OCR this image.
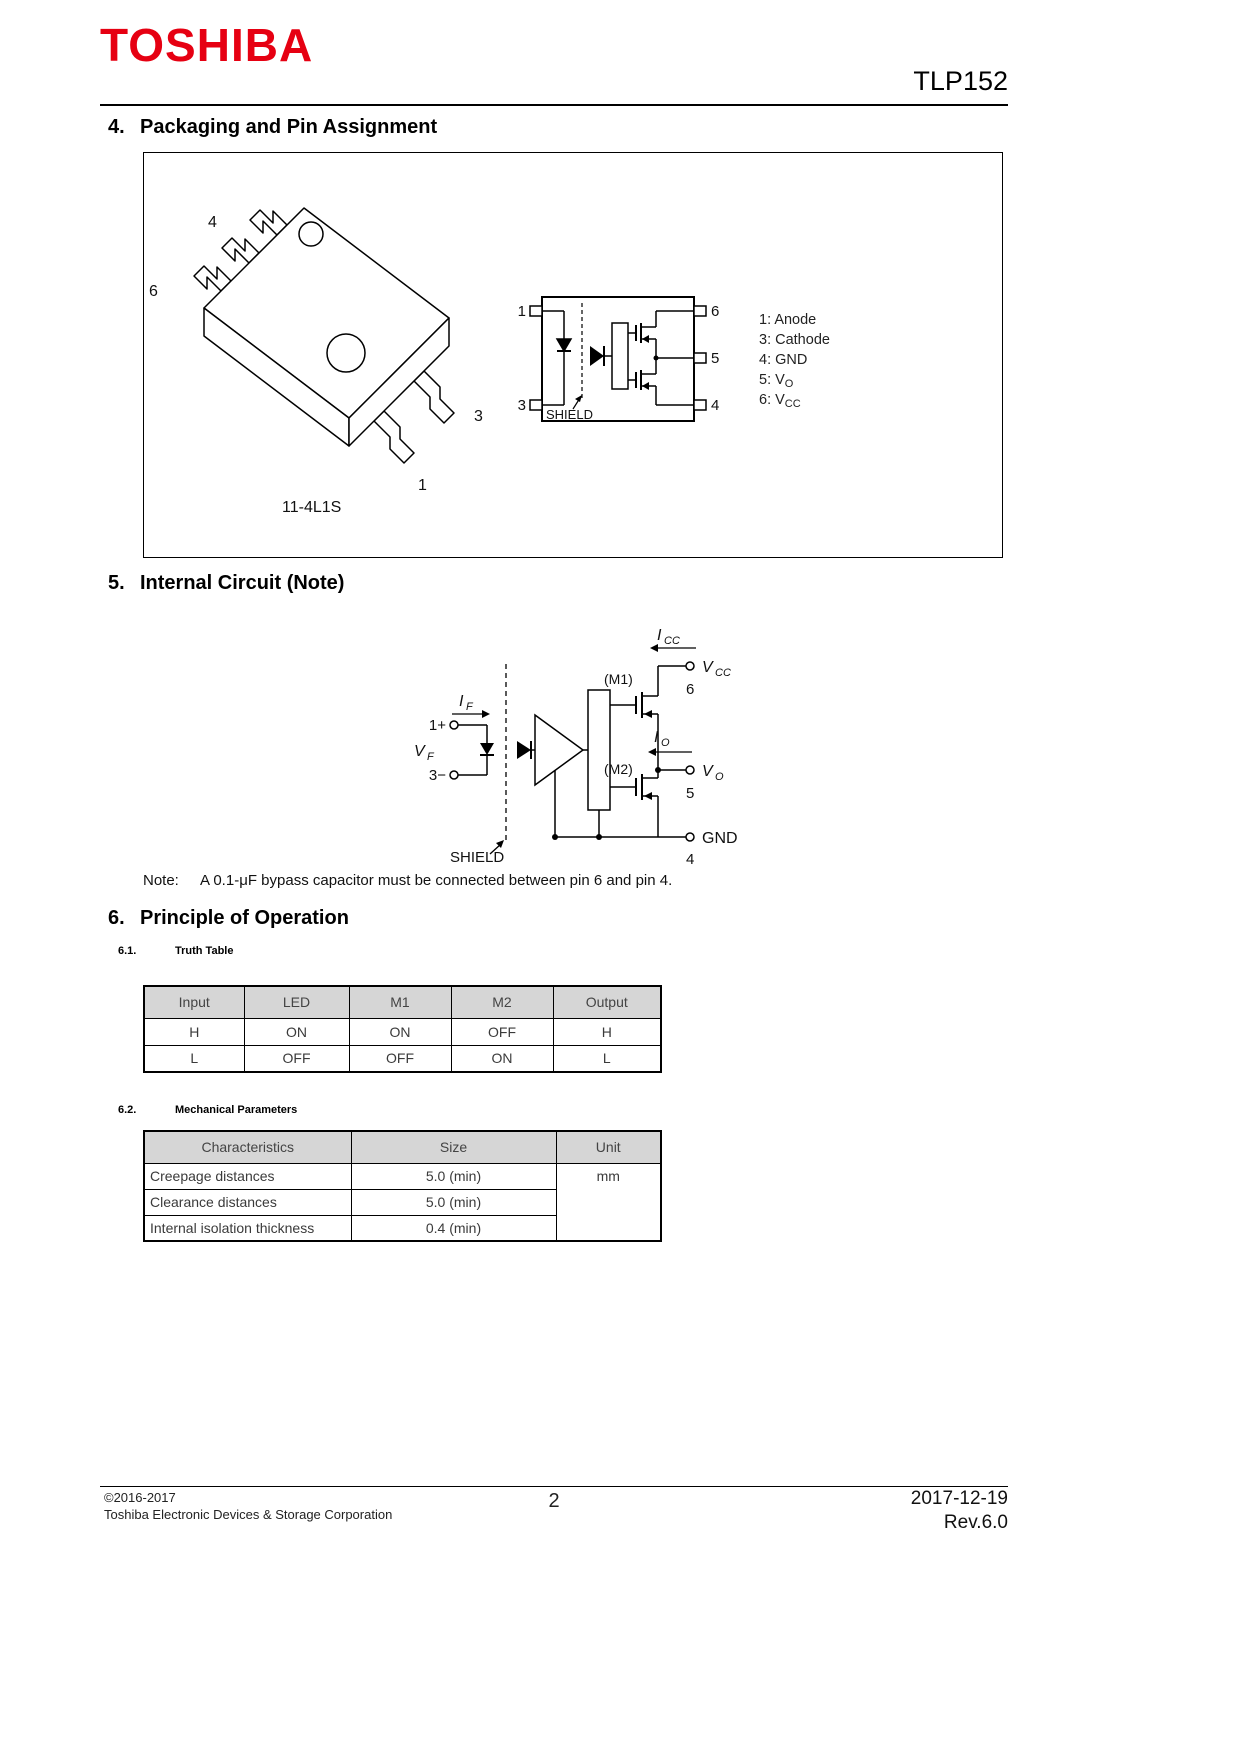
TOSHIBA
TLP152
4. Packaging and Pin Assignment
4
6
3
1
1
3
6
5
4
SHIELD
1: Anode
3: Cathode
4: GND
5: $V_O$
6: $V_{CC}$
11-4L1S
5. Internal Circuit (Note)
I F
V F
1+
3−
I CC
V CC
6
(M1)
(M2)
I O
V O
5
GND
4
SHIELD
Note:	A 0.1-μF bypass capacitor must be connected between pin 6 and pin 4.
6. Principle of Operation
6.1.	Truth Table
Input	LED	M1	M2	Output
H	ON	ON	OFF	H
L	OFF	OFF	ON	L
6.2.	Mechanical Parameters
Characteristics	Size	Unit
Creepage distances	5.0 (min)	mm
Clearance distances	5.0 (min)	
Internal isolation thickness	0.4 (min)	
©2016-2017
Toshiba Electronic Devices & Storage Corporation
2	2017-12-19
Rev.6.0
